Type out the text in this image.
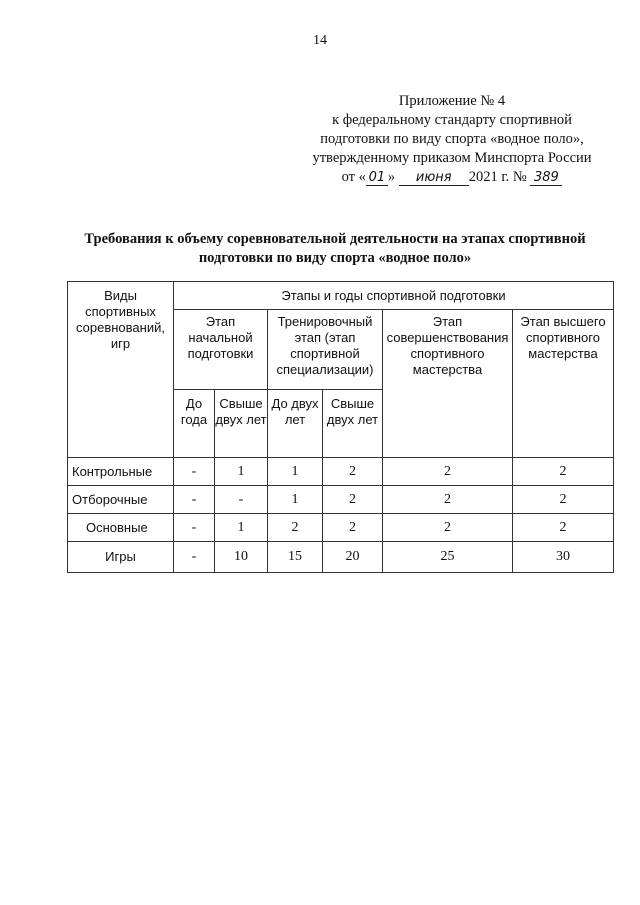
14
Приложение № 4
к федеральному стандарту спортивной
подготовки по виду спорта «водное поло»,
утвержденному приказом Минспорта России
от « 01 » июня 2021 г. № 389
Требования к объему соревновательной деятельности на этапах спортивной
подготовки по виду спорта «водное поло»
Виды спортивных соревнований, игр	Этапы и годы спортивной подготовки					
	Этап начальной подготовки		Тренировочный этап (этап спортивной специализации)		Этап совершенствования спортивного мастерства	Этап высшего спортивного мастерства
	До года	Свыше двух лет	До двух лет	Свыше двух лет		
Контрольные	-	1	1	2	2	2
Отборочные	-	-	1	2	2	2
Основные	-	1	2	2	2	2
Игры	-	10	15	20	25	30
